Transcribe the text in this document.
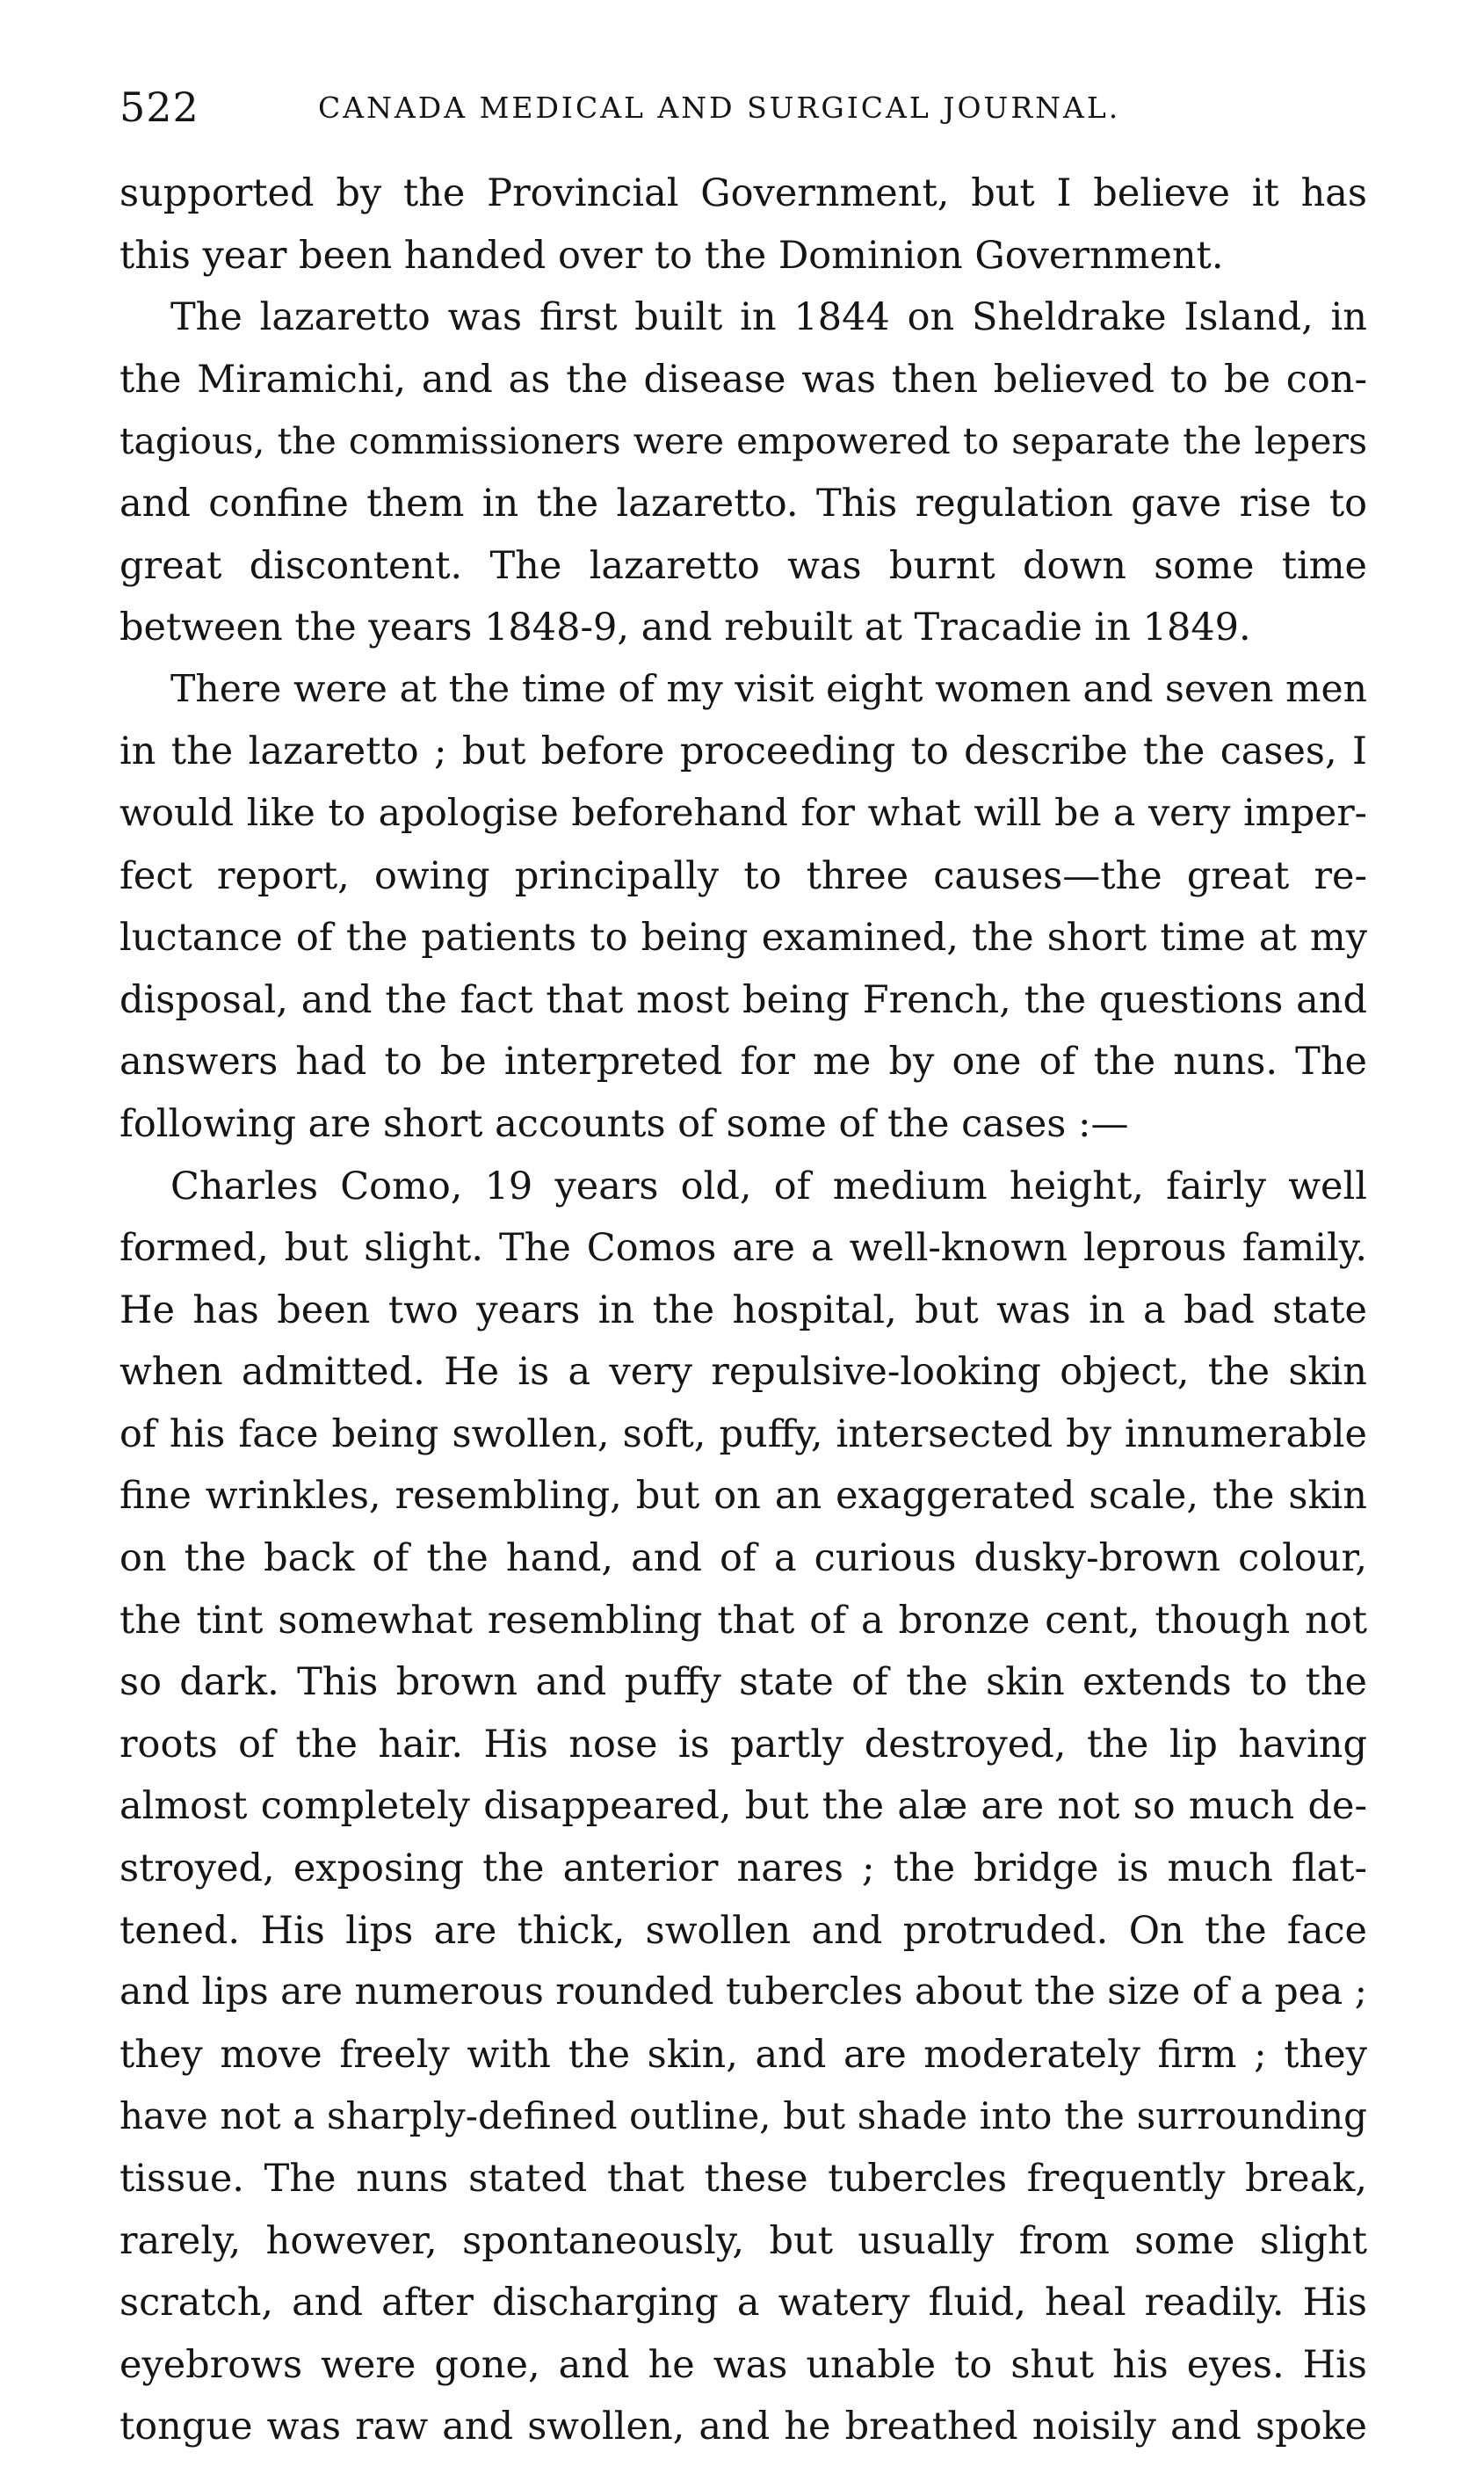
522	CANADA MEDICAL AND SURGICAL JOURNAL.
supported by the Provincial Government, but I believe it has
this year been handed over to the Dominion Government.
The lazaretto was first built in 1844 on Sheldrake Island, in
the Miramichi, and as the disease was then believed to be con-
tagious, the commissioners were empowered to separate the lepers
and confine them in the lazaretto. This regulation gave rise to
great discontent. The lazaretto was burnt down some time
between the years 1848-9, and rebuilt at Tracadie in 1849.
There were at the time of my visit eight women and seven men
in the lazaretto ; but before proceeding to describe the cases, I
would like to apologise beforehand for what will be a very imper-
fect report, owing principally to three causes—the great re-
luctance of the patients to being examined, the short time at my
disposal, and the fact that most being French, the questions and
answers had to be interpreted for me by one of the nuns. The
following are short accounts of some of the cases :—
Charles Como, 19 years old, of medium height, fairly well
formed, but slight. The Comos are a well-known leprous family.
He has been two years in the hospital, but was in a bad state
when admitted. He is a very repulsive-looking object, the skin
of his face being swollen, soft, puffy, intersected by innumerable
fine wrinkles, resembling, but on an exaggerated scale, the skin
on the back of the hand, and of a curious dusky-brown colour,
the tint somewhat resembling that of a bronze cent, though not
so dark. This brown and puffy state of the skin extends to the
roots of the hair. His nose is partly destroyed, the lip having
almost completely disappeared, but the alæ are not so much de-
stroyed, exposing the anterior nares ; the bridge is much flat-
tened. His lips are thick, swollen and protruded. On the face
and lips are numerous rounded tubercles about the size of a pea ;
they move freely with the skin, and are moderately firm ; they
have not a sharply-defined outline, but shade into the surrounding
tissue. The nuns stated that these tubercles frequently break,
rarely, however, spontaneously, but usually from some slight
scratch, and after discharging a watery fluid, heal readily. His
eyebrows were gone, and he was unable to shut his eyes. His
tongue was raw and swollen, and he breathed noisily and spoke
